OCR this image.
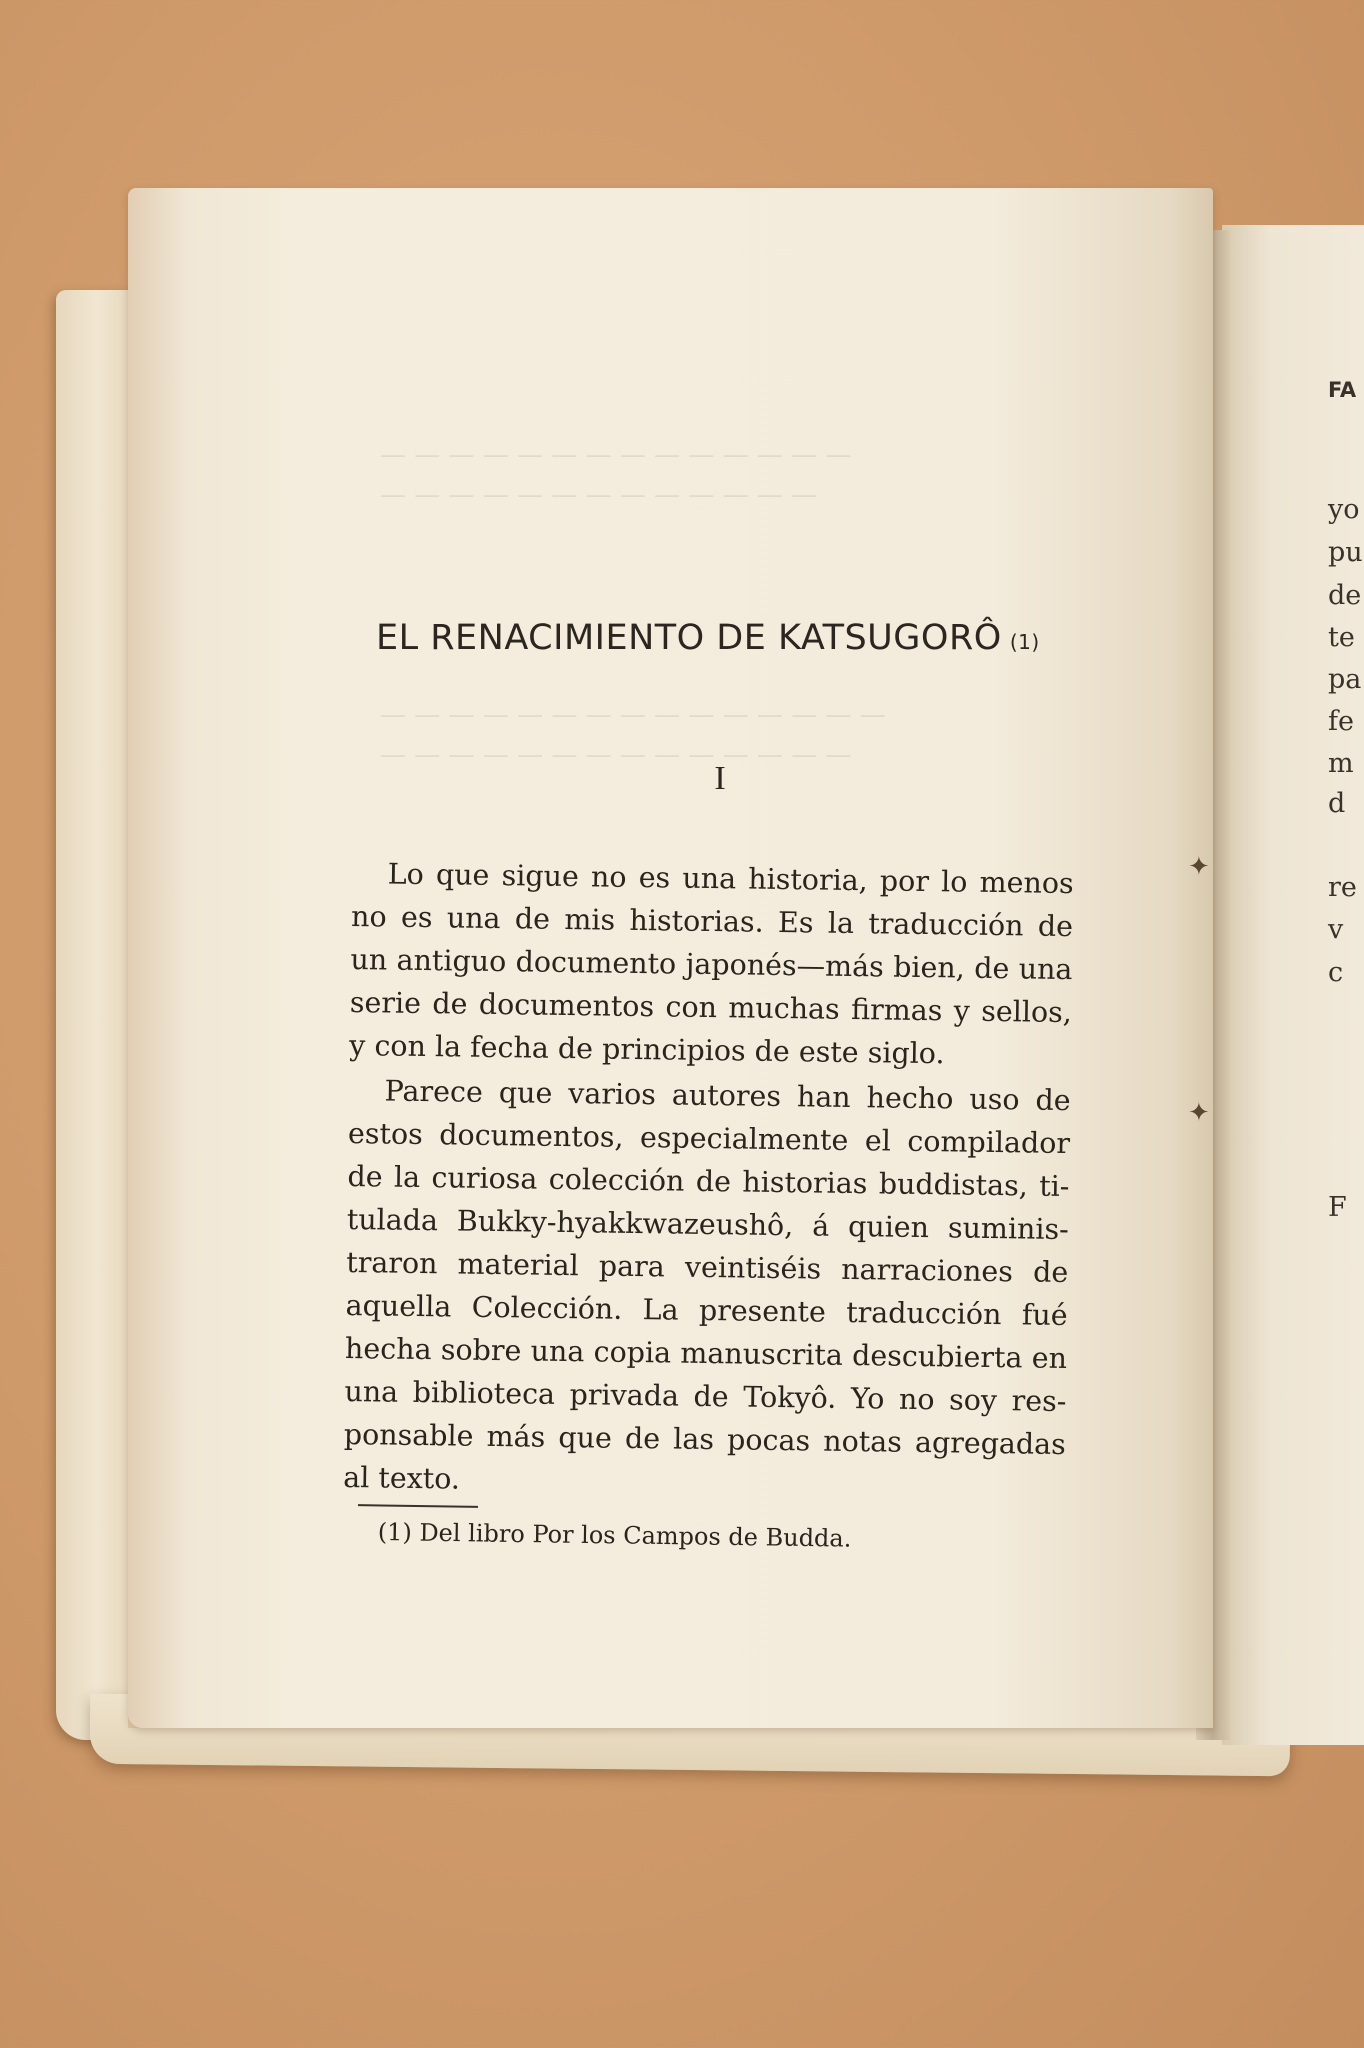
— — — — — — — — — — — — — —
— — — — — — — — — — — — —
— — — — — — — — — — — — — — —
— — — — — — — — — — — — — —
EL RENACIMIENTO DE KATSUGORÔ (1)
I

Lo que sigue no es una historia, por lo menos
no es una de mis historias. Es la traducción de
un antiguo documento japonés—más bien, de una
serie de documentos con muchas firmas y sellos,
y con la fecha de principios de este siglo.

Parece que varios autores han hecho uso de
estos documentos, especialmente el compilador
de la curiosa colección de historias buddistas, ti-
tulada Bukky-hyakkwazeushô, á quien suminis-
traron material para veintiséis narraciones de
aquella Colección. La presente traducción fué
hecha sobre una copia manuscrita descubierta en
una biblioteca privada de Tokyô. Yo no soy res-
ponsable más que de las pocas notas agregadas
al texto.

(1) Del libro Por los Campos de Budda.
FA
yo
pu
de
te
pa
fe
m
d
re
v
c
F
